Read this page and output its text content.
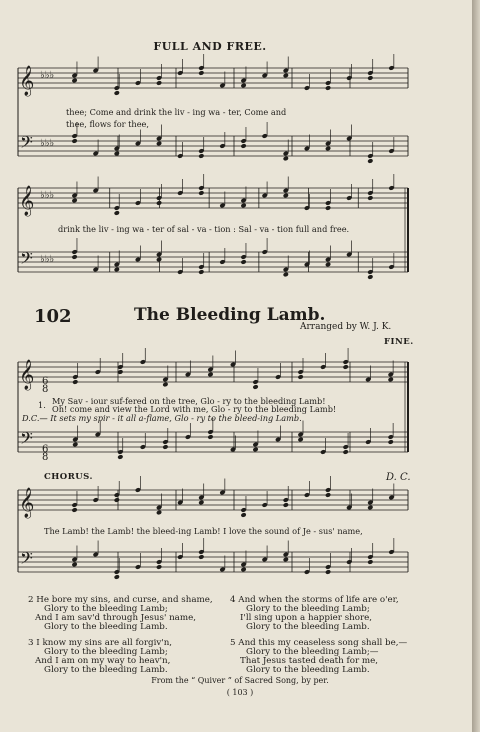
𝄞
𝄢
♭♭♭
♭♭♭
𝄞
𝄢
♭♭♭
♭♭♭
𝄞
𝄢
𝄞
𝄢
6
8
6
8
FULL AND FREE.
thee; Come and drink the liv - ing wa - ter, Come and
thee, flows for thee,
drink the liv - ing wa - ter of sal - va - tion : Sal - va - tion full and free.
102	The Bleeding Lamb.
Arranged by W. J. K.
FINE.
1. My Sav - iour suf-fered on the tree, Glo - ry to the bleeding Lamb!
Oh! come and view the Lord with me, Glo - ry to the bleeding Lamb!
D.C.— It sets my spir - it all a-flame, Glo - ry to the bleed-ing Lamb.
CHORUS.	D. C.
The Lamb! the Lamb! the bleed-ing Lamb! I love the sound of Je - sus' name,
2 He bore my sins, and curse, and shame,
Glory to the bleeding Lamb;
And I am sav'd through Jesus' name,
Glory to the bleeding Lamb.
3 I know my sins are all forgiv'n,
Glory to the bleeding Lamb;
And I am on my way to heav'n,
Glory to the bleeding Lamb.
4 And when the storms of life are o'er,
Glory to the bleeding Lamb;
I'll sing upon a happier shore,
Glory to the bleeding Lamb.
5 And this my ceaseless song shall be,—
Glory to the bleeding Lamb;—
That Jesus tasted death for me,
Glory to the bleeding Lamb.
From the “ Quiver ” of Sacred Song, by per.
( 103 )
